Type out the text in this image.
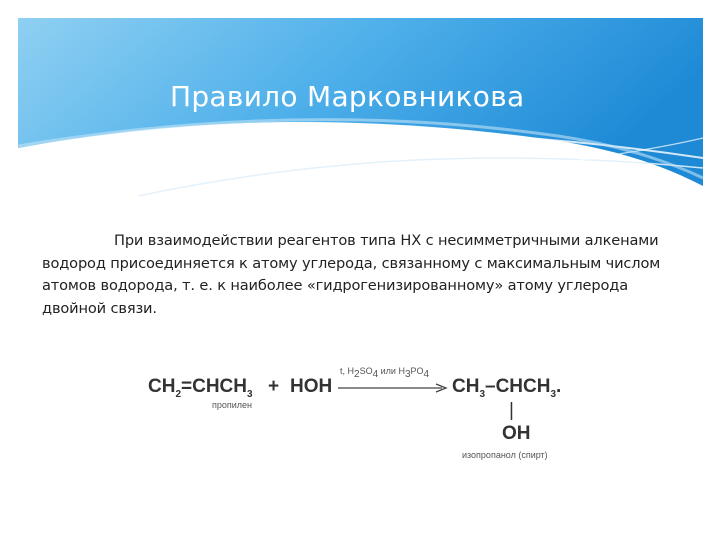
Правило Марковникова
При взаимодействии реагентов типа НХ с несимметричными алкенами водород присоединяется к атому углерода, связанному с максимальным числом атомов водорода, т. е. к наиболее «гидрогенизированному» атому углерода двойной связи.
$CH_2=CHCH_3$ + HOH
t, $H_2SO_4$ или $H_3PO_4$
$CH_3-CHCH_3$.
|
OH
пропилен
изопропанол (спирт)
